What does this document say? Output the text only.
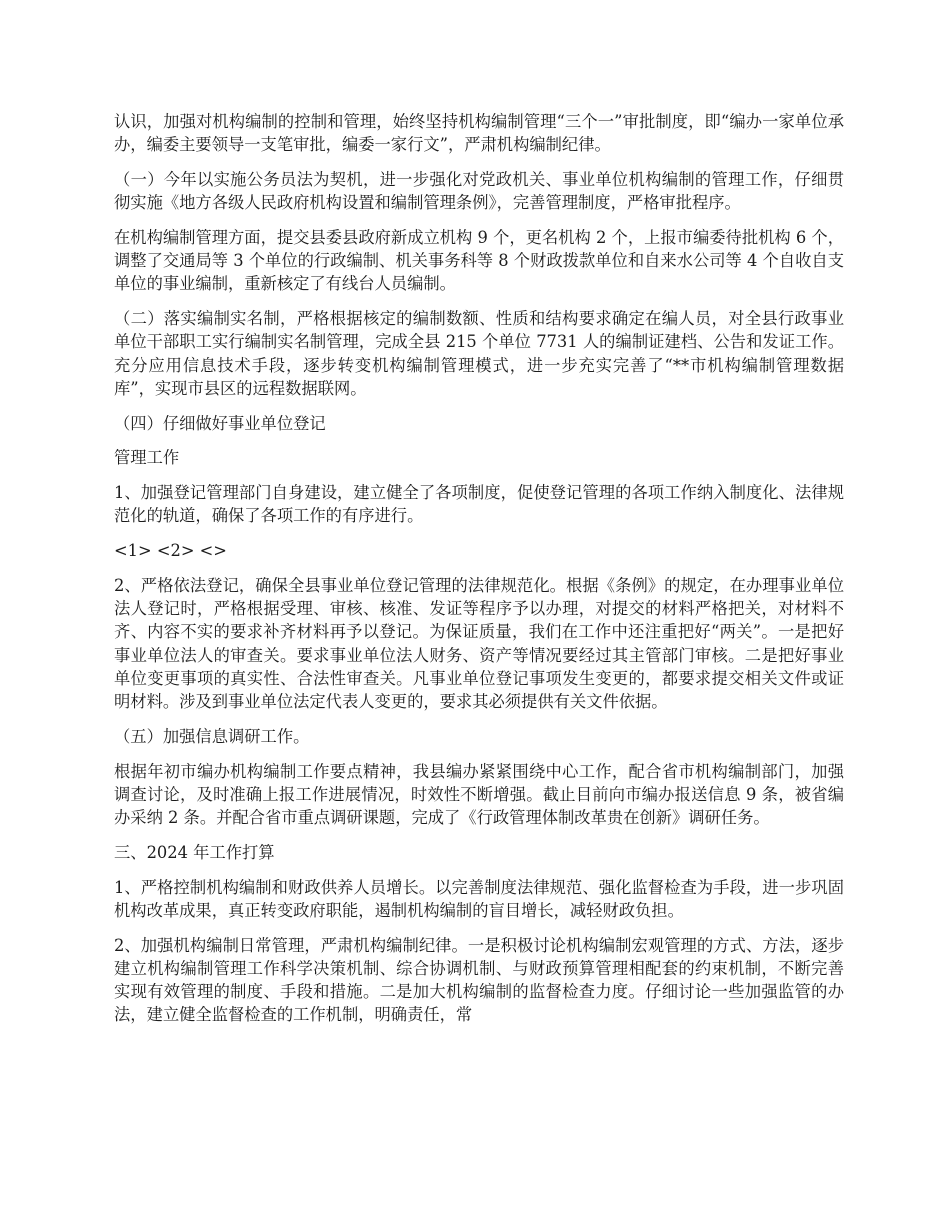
认识，加强对机构编制的控制和管理，始终坚持机构编制管理“三个一”审批制度，即“编办一家单位承办，编委主要领导一支笔审批，编委一家行文”，严肃机构编制纪律。

（一）今年以实施公务员法为契机，进一步强化对党政机关、事业单位机构编制的管理工作，仔细贯彻实施《地方各级人民政府机构设置和编制管理条例》，完善管理制度，严格审批程序。

在机构编制管理方面，提交县委县政府新成立机构 9 个，更名机构 2 个，上报市编委待批机构 6 个，调整了交通局等 3 个单位的行政编制、机关事务科等 8 个财政拨款单位和自来水公司等 4 个自收自支单位的事业编制，重新核定了有线台人员编制。

（二）落实编制实名制，严格根据核定的编制数额、性质和结构要求确定在编人员，对全县行政事业单位干部职工实行编制实名制管理，完成全县 215 个单位 7731 人的编制证建档、公告和发证工作。充分应用信息技术手段，逐步转变机构编制管理模式，进一步充实完善了“**市机构编制管理数据库”，实现市县区的远程数据联网。

（四）仔细做好事业单位登记

管理工作

1、加强登记管理部门自身建设，建立健全了各项制度，促使登记管理的各项工作纳入制度化、法律规范化的轨道，确保了各项工作的有序进行。

<1> <2> <>

2、严格依法登记，确保全县事业单位登记管理的法律规范化。根据《条例》的规定，在办理事业单位法人登记时，严格根据受理、审核、核准、发证等程序予以办理，对提交的材料严格把关，对材料不齐、内容不实的要求补齐材料再予以登记。为保证质量，我们在工作中还注重把好“两关”。一是把好事业单位法人的审查关。要求事业单位法人财务、资产等情况要经过其主管部门审核。二是把好事业单位变更事项的真实性、合法性审查关。凡事业单位登记事项发生变更的，都要求提交相关文件或证明材料。涉及到事业单位法定代表人变更的，要求其必须提供有关文件依据。

（五）加强信息调研工作。

根据年初市编办机构编制工作要点精神，我县编办紧紧围绕中心工作，配合省市机构编制部门，加强调查讨论，及时准确上报工作进展情况，时效性不断增强。截止目前向市编办报送信息 9 条，被省编办采纳 2 条。并配合省市重点调研课题，完成了《行政管理体制改革贵在创新》调研任务。

三、2024 年工作打算

1、严格控制机构编制和财政供养人员增长。以完善制度法律规范、强化监督检查为手段，进一步巩固机构改革成果，真正转变政府职能，遏制机构编制的盲目增长，减轻财政负担。

2、加强机构编制日常管理，严肃机构编制纪律。一是积极讨论机构编制宏观管理的方式、方法，逐步建立机构编制管理工作科学决策机制、综合协调机制、与财政预算管理相配套的约束机制，不断完善实现有效管理的制度、手段和措施。二是加大机构编制的监督检查力度。仔细讨论一些加强监管的办法，建立健全监督检查的工作机制，明确责任，常
